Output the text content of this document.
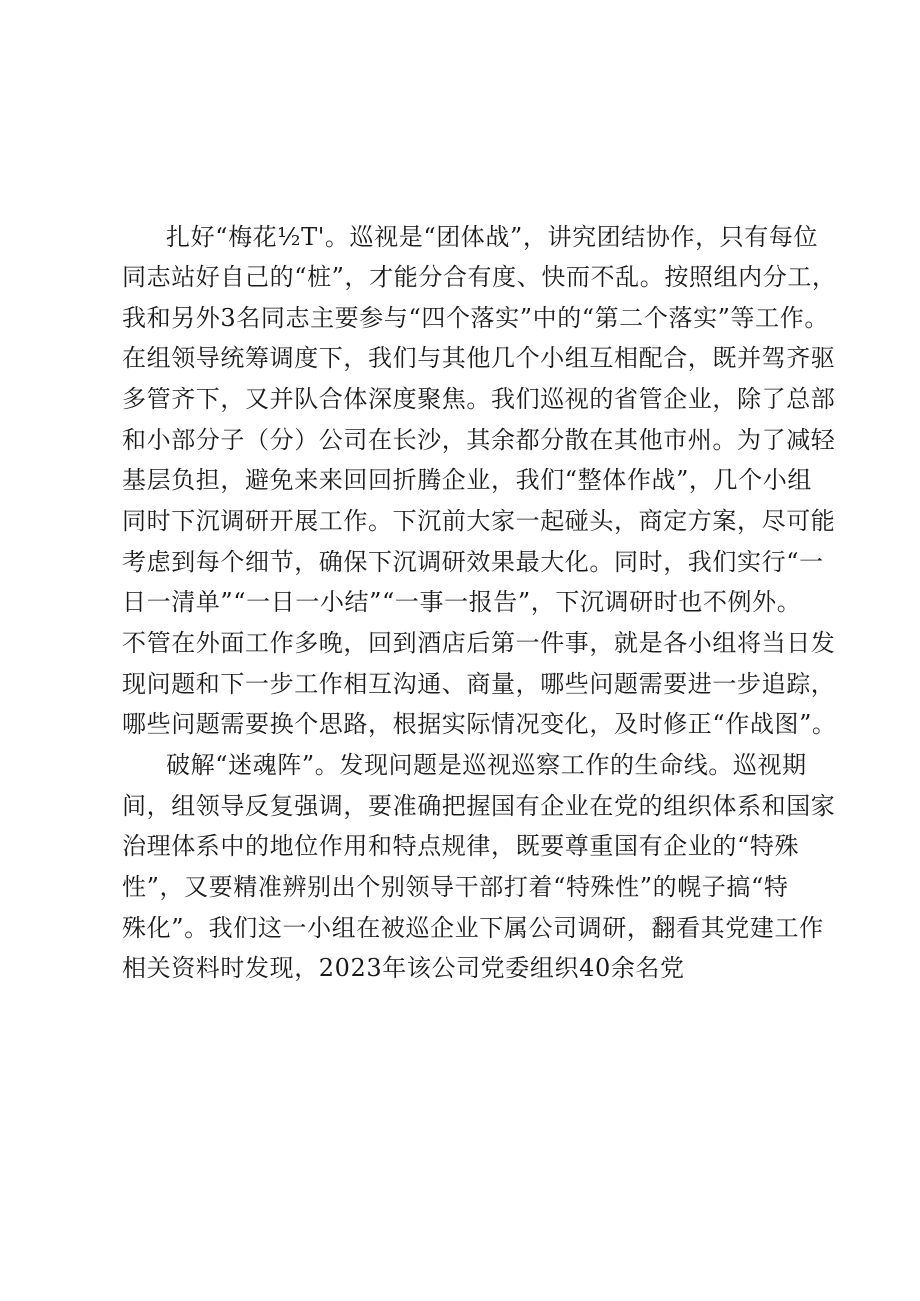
扎好“梅花½T'。巡视是“团体战”，讲究团结协作，只有每位
同志站好自己的“桩”，才能分合有度、快而不乱。按照组内分工，
我和另外3名同志主要参与“四个落实”中的“第二个落实”等工作。
在组领导统筹调度下，我们与其他几个小组互相配合，既并驾齐驱
多管齐下，又并队合体深度聚焦。我们巡视的省管企业，除了总部
和小部分子（分）公司在长沙，其余都分散在其他市州。为了减轻
基层负担，避免来来回回折腾企业，我们“整体作战”，几个小组
同时下沉调研开展工作。下沉前大家一起碰头，商定方案，尽可能
考虑到每个细节，确保下沉调研效果最大化。同时，我们实行“一
日一清单”“一日一小结”“一事一报告”，下沉调研时也不例外。
不管在外面工作多晚，回到酒店后第一件事，就是各小组将当日发
现问题和下一步工作相互沟通、商量，哪些问题需要进一步追踪，
哪些问题需要换个思路，根据实际情况变化，及时修正“作战图”。
破解“迷魂阵”。发现问题是巡视巡察工作的生命线。巡视期
间，组领导反复强调，要准确把握国有企业在党的组织体系和国家
治理体系中的地位作用和特点规律，既要尊重国有企业的“特殊
性”，又要精准辨别出个别领导干部打着“特殊性”的幌子搞“特
殊化”。我们这一小组在被巡企业下属公司调研，翻看其党建工作
相关资料时发现，2023年该公司党委组织40余名党
